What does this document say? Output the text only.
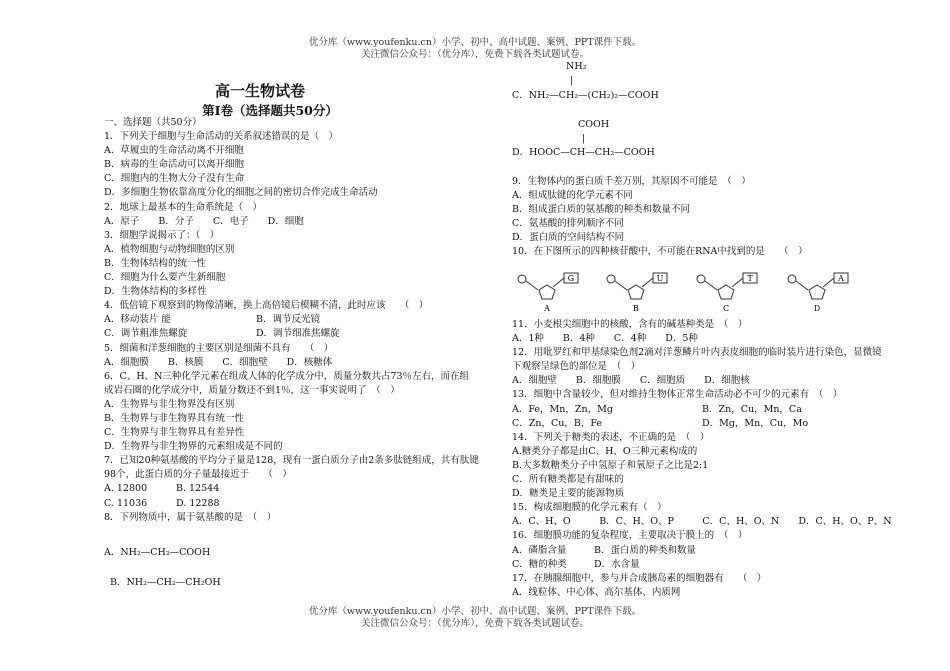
优分库（www.youfenku.cn）小学、初中、高中试题、案例、PPT课件下载。
关注微信公众号：（优分库），免费下载各类试题试卷。
高一生物试卷
第Ⅰ卷（选择题共50分）
一、选择题（共50分）
1．下列关于细胞与生命活动的关系叙述错误的是（　）
A．草履虫的生命活动离不开细胞
B．病毒的生命活动可以离开细胞
C．细胞内的生物大分子没有生命
D．多细胞生物依靠高度分化的细胞之间的密切合作完成生命活动
2．地球上最基本的生命系统是（　）
A．原子　　B．分子　　C．电子　　D．细胞
3．细胞学说揭示了：（　）
A．植物细胞与动物细胞的区别
B．生物体结构的统一性
C．细胞为什么要产生新细胞
D．生物体结构的多样性
4．低倍镜下观察到的物像清晰，换上高倍镜后模糊不清，此时应该　　（　）
A．移动装片 能	B．调节反光镜
C．调节粗准焦螺旋	D．调节细准焦螺旋
5．细菌和洋葱细胞的主要区别是细菌不具有　　（　）
A．细胞膜　　B．核膜　　C．细胞壁　　D．核糖体
6．C、H、N三种化学元素在组成人体的化学成分中，质量分数共占73％左右，而在组
成岩石圈的化学成分中，质量分数还不到1％，这一事实说明了　（　）
A．生物界与非生物界没有区别
B．生物界与非生物界具有统一性
C．生物界与非生物界具有差异性
D．生物界与非生物界的元素组成是不同的
7．已知20种氨基酸的平均分子量是128，现有一蛋白质分子由2条多肽链组成，共有肽键
98个，此蛋白质的分子量最接近于　　（　）
A. 12800	B. 12544
C. 11036	D. 12288
8．下列物质中，属于氨基酸的是　（　）
A．NH₂—CH₂—COOH
B．NH₂—CH₂—CH₂OH
NH₂
|
C．NH₂—CH₂—(CH₂)₂—COOH
COOH
|
D．HOOC—CH—CH₂—COOH
9．生物体内的蛋白质千差万别，其原因不可能是　（　）
A．组成肽键的化学元素不同
B．组成蛋白质的氨基酸的种类和数量不同
C．氨基酸的排列顺序不同
D．蛋白质的空间结构不同
10．在下图所示的四种核苷酸中，不可能在RNA中找到的是　　（　）
G
A
U
B
T
C
A
D
11．小麦根尖细胞中的核酸，含有的碱基种类是　（　）
A．1种　　B．4种　　C．4种　　D．5种
12．用吡罗红和甲基绿染色剂2滴对洋葱鳞片叶内表皮细胞的临时装片进行染色，显微镜
下观察呈绿色的部位是　（　）
A．细胞壁　　B．细胞膜　　C．细胞质　　D．细胞核
13．细胞中含量较少，但对维持生物体正常生命活动必不可少的元素有　（　）
A．Fe，Mn，Zn，Mg	B．Zn，Cu，Mn，Ca
C．Zn，Cu，B，Fe	D．Mg，Mn，Cu，Mo
14．下列关于糖类的表述，不正确的是　（　）
A.糖类分子都是由C、H、O三种元素构成的
B.大多数糖类分子中氢原子和氧原子之比是2:1
C．所有糖类都是有甜味的
D．糖类是主要的能源物质
15．构成细胞膜的化学元素有（　）
A．C、H、O　　　B．C、H、O、P　　　C．C、H、O、N　　D．C、H、O、P、N
16．细胞膜功能的复杂程度，主要取决于膜上的　（　）
A．磷脂含量	B．蛋白质的种类和数量
C．糖的种类	D．水含量
17．在胰腺细胞中，参与并合成胰岛素的细胞器有　　（　）
A．线粒体、中心体、高尔基体、内质网
优分库（www.youfenku.cn）小学、初中、高中试题、案例、PPT课件下载。
关注微信公众号：（优分库），免费下载各类试题试卷。
